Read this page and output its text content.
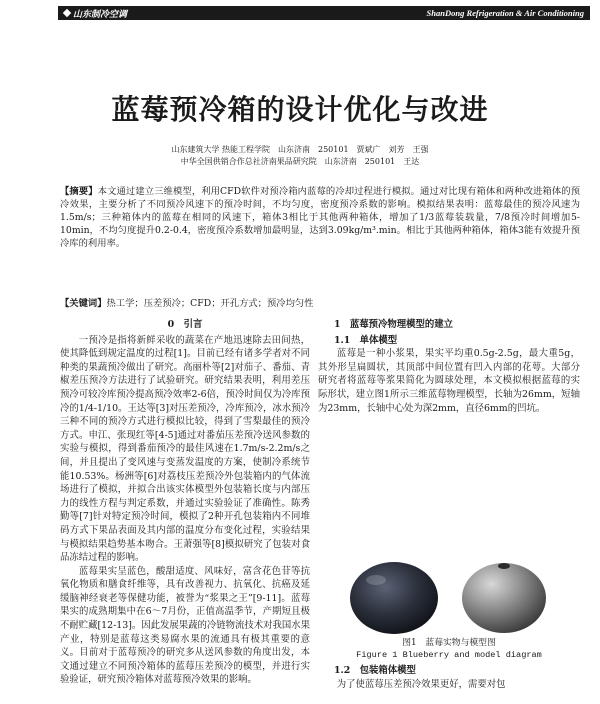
山东制冷空调	ShanDong Refrigeration & Air Conditioning
蓝莓预冷箱的设计优化与改进
山东建筑大学 热能工程学院　山东济南　250101　贾斌广　刘芳　王强
中华全国供销合作总社济南果品研究院　山东济南　250101　王达
【摘要】本文通过建立三维模型，利用CFD软件对预冷箱内蓝莓的冷却过程进行模拟。通过对比现有箱体和两种改进箱体的预冷效果，主要分析了不同预冷风速下的预冷时间，不均匀度，密度预冷系数的影响。模拟结果表明：蓝莓最佳的预冷风速为1.5m/s；三种箱体内的蓝莓在相同的风速下，箱体3相比于其他两种箱体，增加了1/3蓝莓装载量，7/8预冷时间增加5-10min，不均匀度提升0.2-0.4，密度预冷系数增加最明显，达到3.09kg/m³.min。相比于其他两种箱体，箱体3能有效提升预冷库的利用率。
【关键词】热工学；压差预冷；CFD；开孔方式；预冷均匀性
0　引言

一预冷是指将新鲜采收的蔬菜在产地迅速除去田间热，使其降低到规定温度的过程[1]。目前已经有诸多学者对不同种类的果蔬预冷做出了研究。高丽朴等[2]对茄子、番茄、青椒差压预冷方法进行了试验研究。研究结果表明，利用差压预冷可较冷库预冷提高预冷效率2-6倍，预冷时间仅为冷库预冷的1/4-1/10。王达等[3]对压差预冷，冷库预冷，冰水预冷三种不同的预冷方式进行模拟比较，得到了雪梨最佳的预冷方式。申江、张现红等[4-5]通过对番茄压差预冷送风参数的实验与模拟，得到番茄预冷的最佳风速在1.7m/s-2.2m/s之间，并且提出了变风速与变蒸发温度的方案，使制冷系统节能10.53%。杨洲等[6]对荔枝压差预冷外包装箱内的气体流场进行了模拟，并拟合出该实体模型外包装箱长度与内部压力的线性方程与判定系数，并通过实验验证了准确性。陈秀勤等[7]针对特定预冷时间，模拟了2种开孔包装箱内不同堆码方式下果品表面及其内部的温度分布变化过程，实验结果与模拟结果趋势基本吻合。王萧强等[8]模拟研究了包装对食品冻结过程的影响。

蓝莓果实呈蓝色，酸甜适度、风味好，富含花色苷等抗氧化物质和膳食纤维等，具有改善视力、抗氧化、抗癌及延缓脑神经衰老等保健功能，被誉为“浆果之王”[9-11]。蓝莓果实的成熟期集中在6～7月份，正值高温季节，产期短且极不耐贮藏[12-13]。因此发展果蔬的冷链物流技术对我国水果产业，特别是蓝莓这类易腐水果的流通具有极其重要的意义。目前对于蓝莓预冷的研究多从送风参数的角度出发，本文通过建立不同预冷箱体的蓝莓压差预冷的模型，并进行实验验证，研究预冷箱体对蓝莓预冷效果的影响。

1　蓝莓预冷物理模型的建立
1.1　单体模型

蓝莓是一种小浆果，果实平均重0.5g-2.5g，最大重5g，其外形呈扁圆状，其顶部中间位置有凹入内部的花萼。大部分研究者将蓝莓等浆果简化为圆球处理，本文模拟根据蓝莓的实际形状，建立图1所示三维蓝莓物理模型，长轴为26mm，短轴为23mm，长轴中心处为深2mm，直径6mm的凹坑。

图1　蓝莓实物与模型图
Figure 1 Blueberry and model diagram
1.2　包装箱体模型

为了使蓝莓压差预冷效果更好，需要对包
